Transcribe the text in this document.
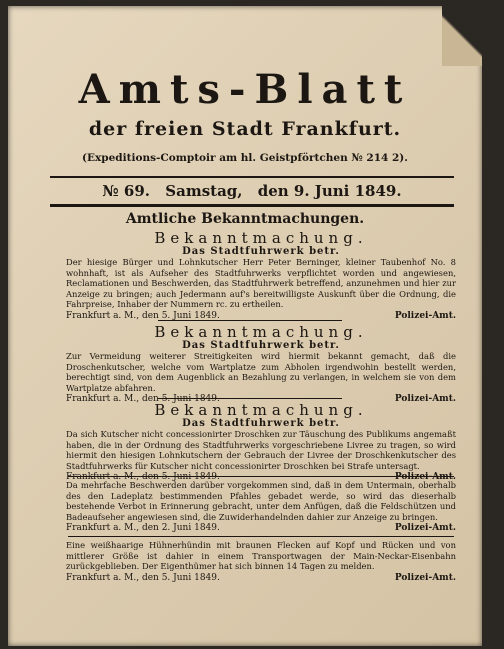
Amts-Blatt
der freien Stadt Frankfurt.
(Expeditions-Comptoir am hl. Geistpförtchen № 214 2).
№ 69. Samstag, den 9. Juni 1849.
Amtliche Bekanntmachungen.
Bekanntmachung.
Das Stadtfuhrwerk betr.

Der hiesige Bürger und Lohnkutscher Herr Peter Berninger, kleiner Taubenhof No. 8 wohnhaft, ist als Aufseher des Stadtfuhrwerks verpflichtet worden und angewiesen, Reclamationen und Beschwerden, das Stadtfuhrwerk betreffend, anzunehmen und hier zur Anzeige zu bringen; auch Jedermann auf's bereitwilligste Auskunft über die Ordnung, die Fahrpreise, Inhaber der Nummern rc. zu ertheilen.

Frankfurt a. M., den 5. Juni 1849.	Polizei-Amt.
Bekanntmachung.
Das Stadtfuhrwerk betr.

Zur Vermeidung weiterer Streitigkeiten wird hiermit bekannt gemacht, daß die Droschenkutscher, welche vom Wartplatze zum Abholen irgendwohin bestellt werden, berechtigt sind, von dem Augenblick an Bezahlung zu verlangen, in welchem sie von dem Wartplatze abfahren.

Frankfurt a. M., den 5. Juni 1849.	Polizei-Amt.
Bekanntmachung.
Das Stadtfuhrwerk betr.

Da sich Kutscher nicht concessionirter Droschken zur Täuschung des Publikums angemaßt haben, die in der Ordnung des Stadtfuhrwerks vorgeschriebene Livree zu tragen, so wird hiermit den hiesigen Lohnkutschern der Gebrauch der Livree der Droschkenkutscher des Stadtfuhrwerks für Kutscher nicht concessionirter Droschken bei Strafe untersagt.

Frankfurt a. M., den 5. Juni 1849.	Polizei-Amt.

Da mehrfache Beschwerden darüber vorgekommen sind, daß in dem Untermain, oberhalb des den Ladeplatz bestimmenden Pfahles gebadet werde, so wird das dieserhalb bestehende Verbot in Erinnerung gebracht, unter dem Anfügen, daß die Feldschützen und Badeaufseher angewiesen sind, die Zuwiderhandelnden dahier zur Anzeige zu bringen.

Frankfurt a. M., den 2. Juni 1849.	Polizei-Amt.

Eine weißhaarige Hühnerhündin mit braunen Flecken auf Kopf und Rücken und von mittlerer Größe ist dahier in einem Transportwagen der Main-Neckar-Eisenbahn zurückgeblieben. Der Eigenthümer hat sich binnen 14 Tagen zu melden.

Frankfurt a. M., den 5. Juni 1849.	Polizei-Amt.
